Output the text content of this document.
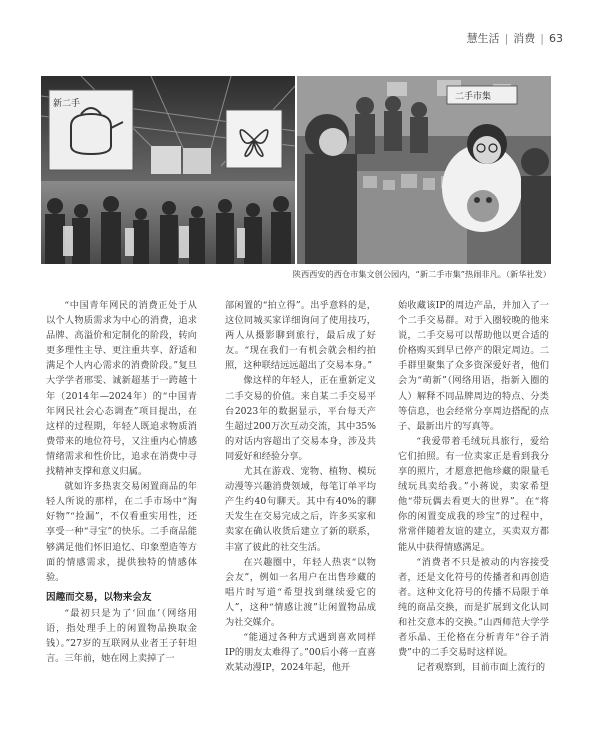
慧生活 | 消费 | 63
新二手
二手市集
陕西西安的西仓市集文创公园内，“新二手市集”热闹非凡。（新华社发）

“中国青年网民的消费正处于从以个人物质需求为中心的消费，追求品牌、高溢价和定制化的阶段，转向更多理性主导、更注重共享、舒适和满足个人内心需求的消费阶段。”复旦大学学者邢雯、诚新超基于一跨越十年（2014年—2024年）的“中国青年网民社会心态调查”项目提出，在这样的过程期，年轻人既追求物质消费带来的地位符号，又注重内心情感情绪需求和性价比，追求在消费中寻找精神支撑和意义归属。

就如许多热衷交易闲置商品的年轻人所说的那样，在二手市场中“淘好物”“捡漏”，不仅看重实用性，还享受一种“寻宝”的快乐。二手商品能够满足他们怀旧追忆、印象塑造等方面的情感需求，提供独特的情感体验。

因趣而交易，以物来会友

“最初只是为了‘回血’（网络用语，指处理手上的闲置物品换取金钱）。”27岁的互联网从业者王子轩坦言。三年前，她在网上卖掉了一

部闲置的“拍立得”。出乎意料的是，这位同城买家详细询问了使用技巧，两人从摄影聊到旅行，最后成了好友。“现在我们一有机会就会相约拍照，这种联结远远超出了交易本身。”

像这样的年轻人，正在重新定义二手交易的价值。来自某二手交易平台2023年的数据显示，平台每天产生超过200万次互动交流，其中35%的对话内容超出了交易本身，涉及共同爱好和经验分享。

尤其在游戏、宠物、植物、模玩动漫等兴趣消费领域，每笔订单平均产生约40句聊天。其中有40%的聊天发生在交易完成之后，许多买家和卖家在确认收货后建立了新的联系，丰富了彼此的社交生活。

在兴趣圈中，年轻人热衷“以物会友”，例如一名用户在出售珍藏的唱片时写道“希望找到继续爱它的人”，这种“情感让渡”让闲置物品成为社交媒介。

“能通过各种方式遇到喜欢同样IP的朋友太难得了。”00后小蒋一直喜欢某动漫IP，2024年起，他开

始收藏该IP的周边产品，并加入了一个二手交易群。对于入圈较晚的他来说，二手交易可以帮助他以更合适的价格购买到早已停产的限定周边。二手群里聚集了众多资深爱好者，他们会为“萌新”（网络用语，指新入圈的人）解释不同品牌周边的特点、分类等信息，也会经常分享周边搭配的点子、最新出片的写真等。

“我爱带着毛绒玩具旅行，爱给它们拍照。有一位卖家正是看到我分享的照片，才愿意把他珍藏的限量毛绒玩具卖给我。”小蒋说，卖家希望他“带玩偶去看更大的世界”。在“将你的闲置变成我的珍宝”的过程中，常常伴随着友谊的建立，买卖双方都能从中获得情感满足。

“消费者不只是被动的内容接受者，还是文化符号的传播者和再创造者。这种文化符号的传播不局限于单纯的商品交换，而是扩展到文化认同和社交意本的交换。”山西师范大学学者乐晶、王伦格在分析青年“谷子消费”中的二手交易时这样说。

记者观察到，目前市面上流行的
